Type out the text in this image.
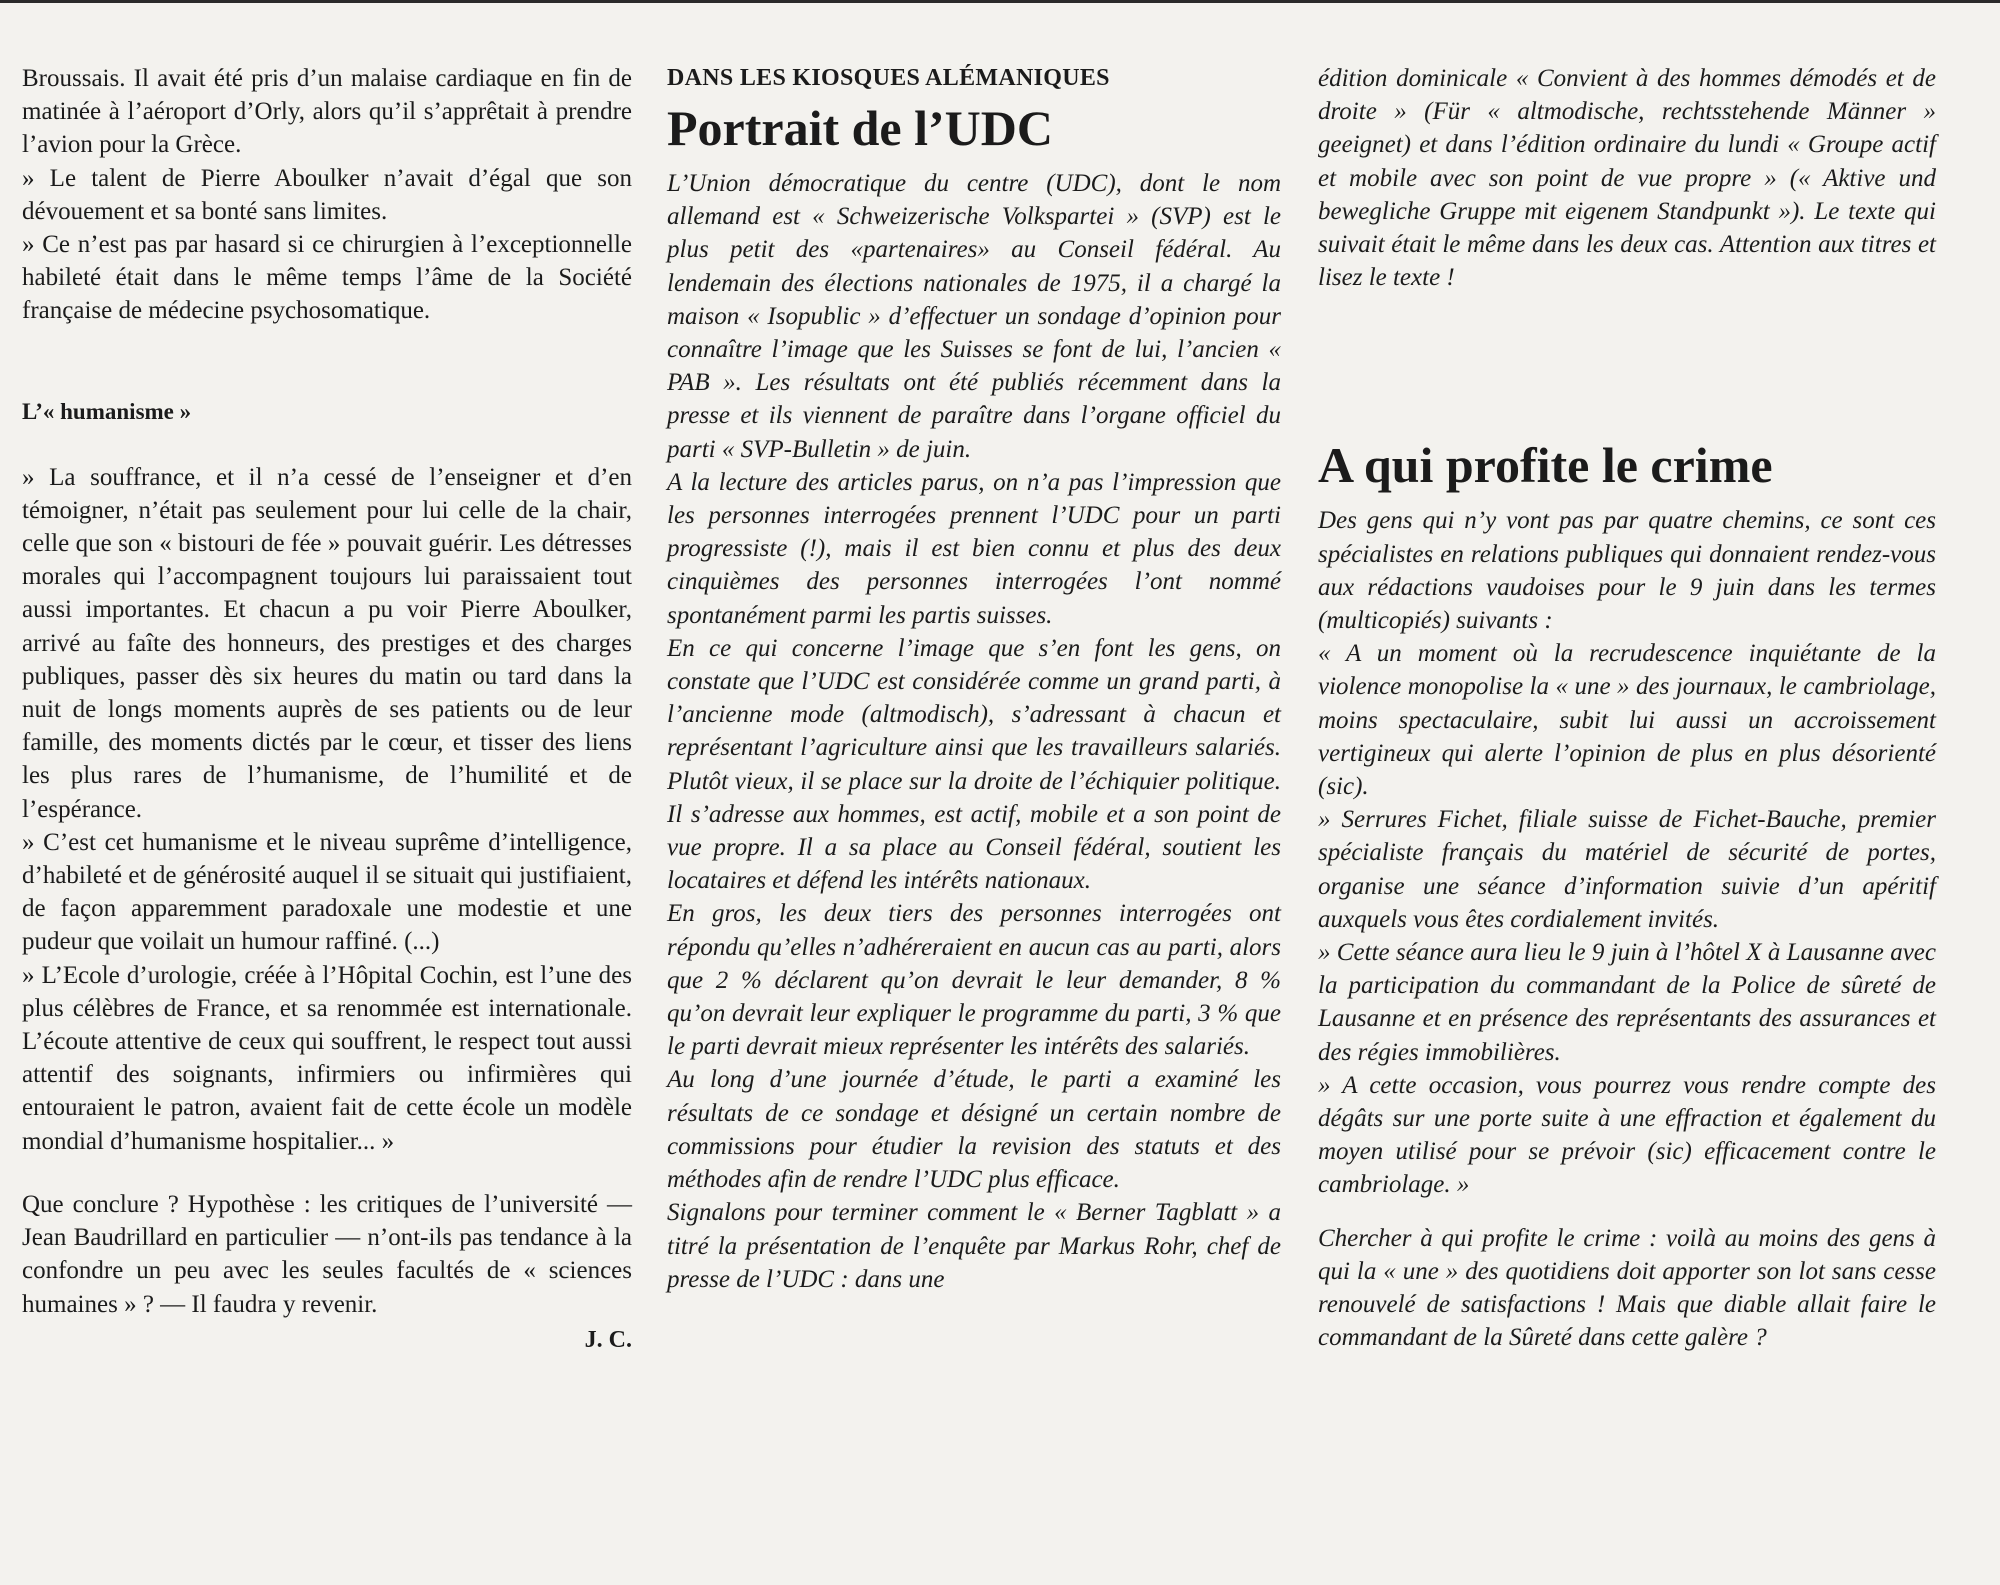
Broussais. Il avait été pris d’un malaise cardiaque en fin de matinée à l’aéroport d’Orly, alors qu’il s’apprêtait à prendre l’avion pour la Grèce.

» Le talent de Pierre Aboulker n’avait d’égal que son dévouement et sa bonté sans limites.

» Ce n’est pas par hasard si ce chirurgien à l’exceptionnelle habileté était dans le même temps l’âme de la Société française de médecine psychosomatique.

L’« humanisme »

» La souffrance, et il n’a cessé de l’enseigner et d’en témoigner, n’était pas seulement pour lui celle de la chair, celle que son « bistouri de fée » pouvait guérir. Les détresses morales qui l’accompagnent toujours lui paraissaient tout aussi importantes. Et chacun a pu voir Pierre Aboulker, arrivé au faîte des honneurs, des prestiges et des charges publiques, passer dès six heures du matin ou tard dans la nuit de longs moments auprès de ses patients ou de leur famille, des moments dictés par le cœur, et tisser des liens les plus rares de l’humanisme, de l’humilité et de l’espérance.

» C’est cet humanisme et le niveau suprême d’intelligence, d’habileté et de générosité auquel il se situait qui justifiaient, de façon apparemment paradoxale une modestie et une pudeur que voilait un humour raffiné. (...)

» L’Ecole d’urologie, créée à l’Hôpital Cochin, est l’une des plus célèbres de France, et sa renommée est internationale. L’écoute attentive de ceux qui souffrent, le respect tout aussi attentif des soignants, infirmiers ou infirmières qui entouraient le patron, avaient fait de cette école un modèle mondial d’humanisme hospitalier... »

Que conclure ? Hypothèse : les critiques de l’université — Jean Baudrillard en particulier — n’ont-ils pas tendance à la confondre un peu avec les seules facultés de « sciences humaines » ? — Il faudra y revenir.

J. C.
DANS LES KIOSQUES ALÉMANIQUES
Portrait de l’UDC

L’Union démocratique du centre (UDC), dont le nom allemand est « Schweizerische Volkspartei » (SVP) est le plus petit des «partenaires» au Conseil fédéral. Au lendemain des élections nationales de 1975, il a chargé la maison « Isopublic » d’effectuer un sondage d’opinion pour connaître l’image que les Suisses se font de lui, l’ancien « PAB ». Les résultats ont été publiés récemment dans la presse et ils viennent de paraître dans l’organe officiel du parti « SVP-Bulletin » de juin.

A la lecture des articles parus, on n’a pas l’impression que les personnes interrogées prennent l’UDC pour un parti progressiste (!), mais il est bien connu et plus des deux cinquièmes des personnes interrogées l’ont nommé spontanément parmi les partis suisses.

En ce qui concerne l’image que s’en font les gens, on constate que l’UDC est considérée comme un grand parti, à l’ancienne mode (altmodisch), s’adressant à chacun et représentant l’agriculture ainsi que les travailleurs salariés. Plutôt vieux, il se place sur la droite de l’échiquier politique. Il s’adresse aux hommes, est actif, mobile et a son point de vue propre. Il a sa place au Conseil fédéral, soutient les locataires et défend les intérêts nationaux.

En gros, les deux tiers des personnes interrogées ont répondu qu’elles n’adhéreraient en aucun cas au parti, alors que 2 % déclarent qu’on devrait le leur demander, 8 % qu’on devrait leur expliquer le programme du parti, 3 % que le parti devrait mieux représenter les intérêts des salariés.

Au long d’une journée d’étude, le parti a examiné les résultats de ce sondage et désigné un certain nombre de commissions pour étudier la revision des statuts et des méthodes afin de rendre l’UDC plus efficace.

Signalons pour terminer comment le « Berner Tagblatt » a titré la présentation de l’enquête par Markus Rohr, chef de presse de l’UDC : dans une

édition dominicale « Convient à des hommes démodés et de droite » (Für « altmodische, rechtsstehende Männer » geeignet) et dans l’édition ordinaire du lundi « Groupe actif et mobile avec son point de vue propre » (« Aktive und bewegliche Gruppe mit eigenem Standpunkt »). Le texte qui suivait était le même dans les deux cas. Attention aux titres et lisez le texte !

A qui profite le crime

Des gens qui n’y vont pas par quatre chemins, ce sont ces spécialistes en relations publiques qui donnaient rendez-vous aux rédactions vaudoises pour le 9 juin dans les termes (multicopiés) suivants :

« A un moment où la recrudescence inquiétante de la violence monopolise la « une » des journaux, le cambriolage, moins spectaculaire, subit lui aussi un accroissement vertigineux qui alerte l’opinion de plus en plus désorienté (sic).

» Serrures Fichet, filiale suisse de Fichet-Bauche, premier spécialiste français du matériel de sécurité de portes, organise une séance d’information suivie d’un apéritif auxquels vous êtes cordialement invités.

» Cette séance aura lieu le 9 juin à l’hôtel X à Lausanne avec la participation du commandant de la Police de sûreté de Lausanne et en présence des représentants des assurances et des régies immobilières.

» A cette occasion, vous pourrez vous rendre compte des dégâts sur une porte suite à une effraction et également du moyen utilisé pour se prévoir (sic) efficacement contre le cambriolage. »

Chercher à qui profite le crime : voilà au moins des gens à qui la « une » des quotidiens doit apporter son lot sans cesse renouvelé de satisfactions ! Mais que diable allait faire le commandant de la Sûreté dans cette galère ?
